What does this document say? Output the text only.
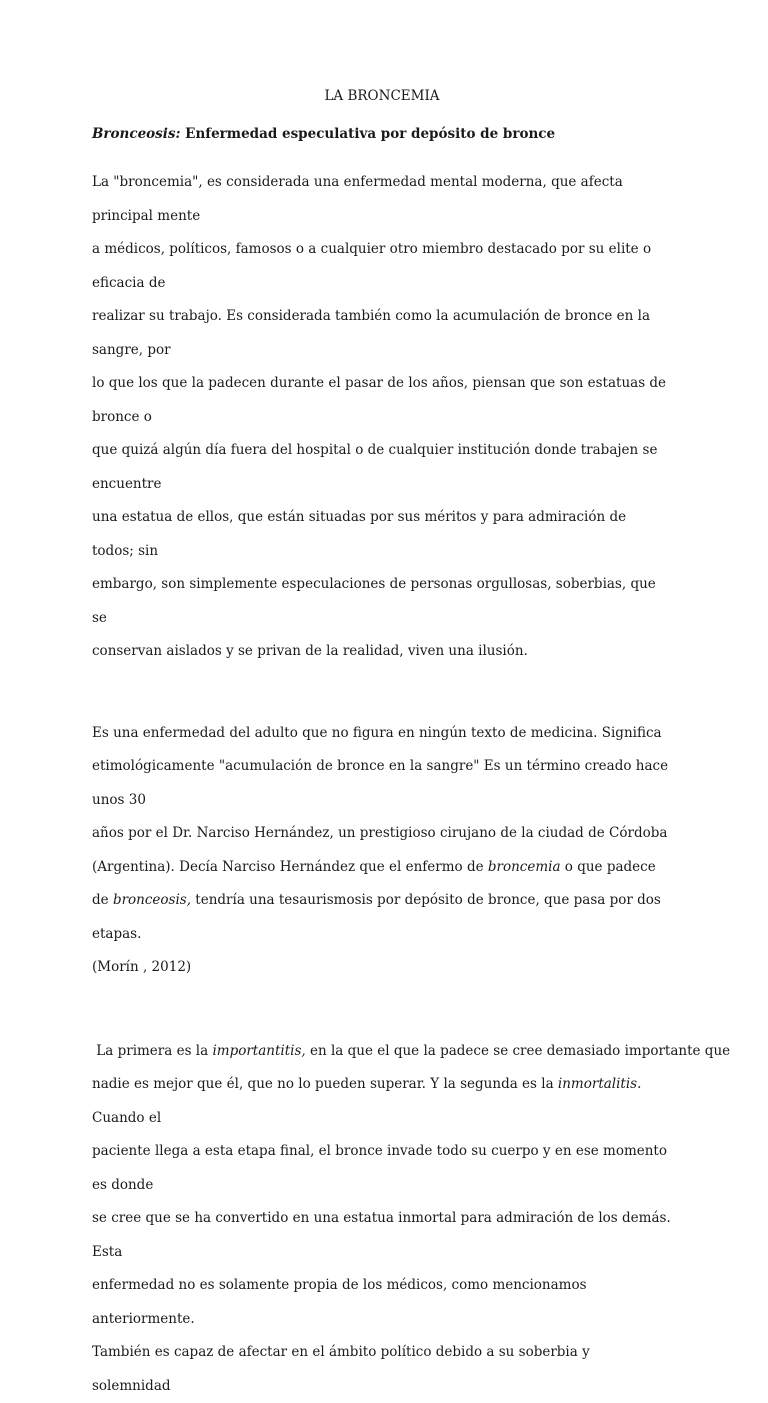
LA BRONCEMIA
Bronceosis: Enfermedad especulativa por depósito de bronce
La "broncemia", es considerada una enfermedad mental moderna, que afecta principal mente
a médicos, políticos, famosos o a cualquier otro miembro destacado por su elite o eficacia de
realizar su trabajo. Es considerada también como la acumulación de bronce en la sangre, por
lo que los que la padecen durante el pasar de los años, piensan que son estatuas de bronce o
que quizá algún día fuera del hospital o de cualquier institución donde trabajen se encuentre
una estatua de ellos, que están situadas por sus méritos y para admiración de todos; sin
embargo, son simplemente especulaciones de personas orgullosas, soberbias, que se
conservan aislados y se privan de la realidad, viven una ilusión.
Es una enfermedad del adulto que no figura en ningún texto de medicina. Significa
etimológicamente "acumulación de bronce en la sangre" Es un término creado hace unos 30
años por el Dr. Narciso Hernández, un prestigioso cirujano de la ciudad de Córdoba
(Argentina). Decía Narciso Hernández que el enfermo de broncemia o que padece
de bronceosis, tendría una tesaurismosis por depósito de bronce, que pasa por dos etapas.
(Morín , 2012)
La primera es la importantitis, en la que el que la padece se cree demasiado importante que
nadie es mejor que él, que no lo pueden superar. Y la segunda es la inmortalitis. Cuando el
paciente llega a esta etapa final, el bronce invade todo su cuerpo y en ese momento es donde
se cree que se ha convertido en una estatua inmortal para admiración de los demás. Esta
enfermedad no es solamente propia de los médicos, como mencionamos anteriormente.
También es capaz de afectar en el ámbito político debido a su soberbia y solemnidad
